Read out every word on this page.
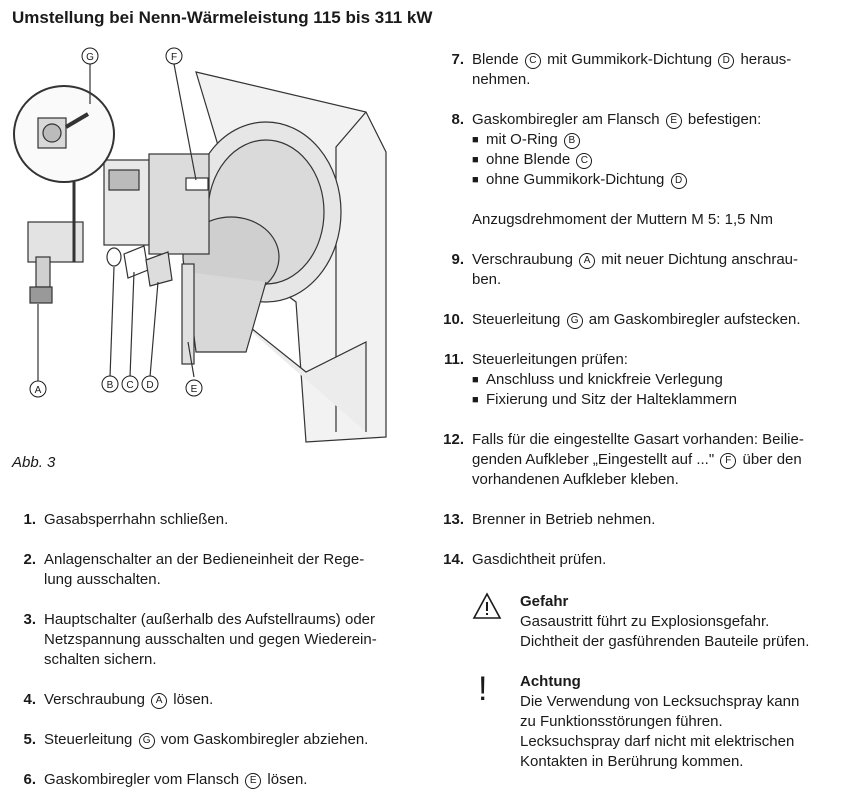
Umstellung bei Nenn-Wärmeleistung 115 bis 311 kW
G	F
A	B C D	E
Abb. 3
1. Gasabsperrhahn schließen.
2. Anlagenschalter an der Bedieneinheit der Rege-
lung ausschalten.
3. Hauptschalter (außerhalb des Aufstellraums) oder
Netzspannung ausschalten und gegen Wiederein-
schalten sichern.
4. Verschraubung A lösen.
5. Steuerleitung G vom Gaskombiregler abziehen.
6. Gaskombiregler vom Flansch E lösen.
7. Blende C mit Gummikork-Dichtung D heraus-
nehmen.
8. Gaskombiregler am Flansch E befestigen:
■ mit O-Ring B
■ ohne Blende C
■ ohne Gummikork-Dichtung D
Anzugsdrehmoment der Muttern M 5: 1,5 Nm
9. Verschraubung A mit neuer Dichtung anschrau-
ben.
10. Steuerleitung G am Gaskombiregler aufstecken.
11. Steuerleitungen prüfen:
■ Anschluss und knickfreie Verlegung
■ Fixierung und Sitz der Halteklammern
12. Falls für die eingestellte Gasart vorhanden: Beilie-
genden Aufkleber „Eingestellt auf ..." F über den
vorhandenen Aufkleber kleben.
13. Brenner in Betrieb nehmen.
14. Gasdichtheit prüfen.
Gefahr
Gasaustritt führt zu Explosionsgefahr.
Dichtheit der gasführenden Bauteile prüfen.
!	Achtung
Die Verwendung von Lecksuchspray kann
zu Funktionsstörungen führen.
Lecksuchspray darf nicht mit elektrischen
Kontakten in Berührung kommen.
